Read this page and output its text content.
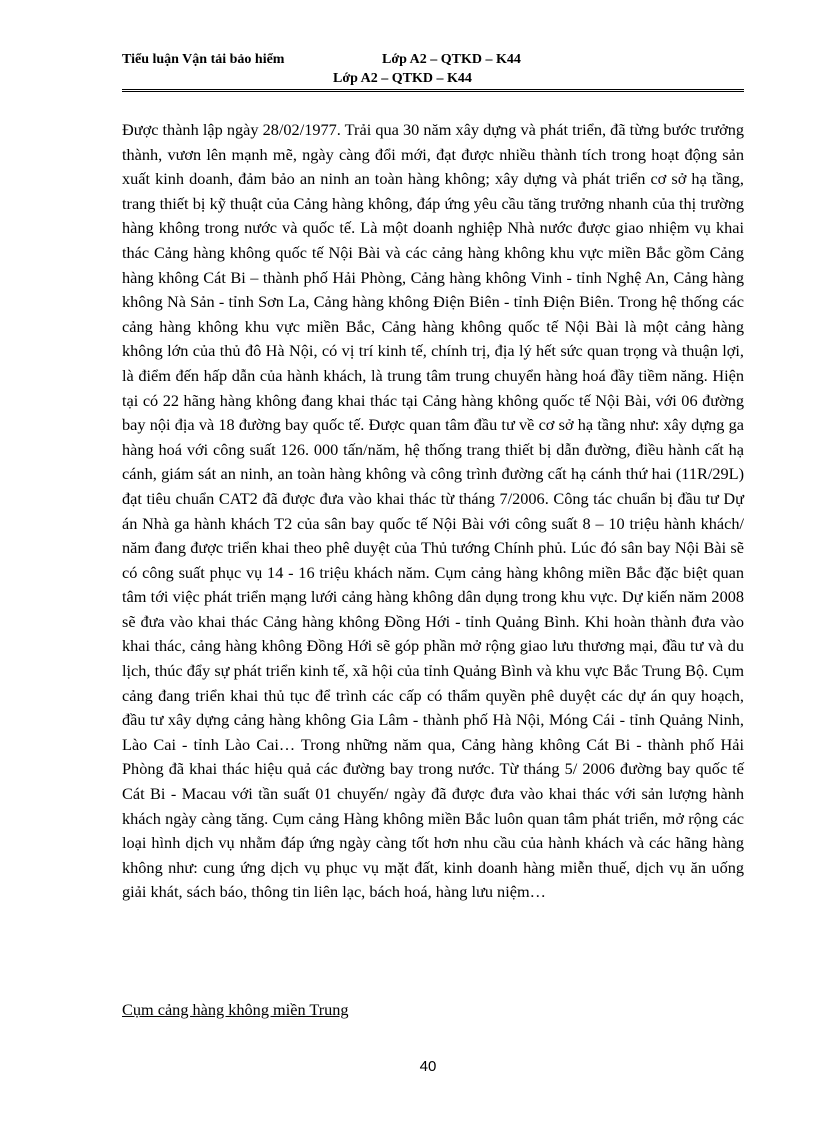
Tiểu luận Vận tải bảo hiểm	Lớp A2 – QTKD – K44
Lớp A2 – QTKD – K44

Được thành lập ngày 28/02/1977. Trải qua 30 năm xây dựng và phát triển, đã từng bước trưởng thành, vươn lên mạnh mẽ, ngày càng đổi mới, đạt được nhiều thành tích trong hoạt động sản xuất kinh doanh, đảm bảo an ninh an toàn hàng không; xây dựng và phát triển cơ sở hạ tầng, trang thiết bị kỹ thuật của Cảng hàng không, đáp ứng yêu cầu tăng trưởng nhanh của thị trường hàng không trong nước và quốc tế. Là một doanh nghiệp Nhà nước được giao nhiệm vụ khai thác Cảng hàng không quốc tế Nội Bài và các cảng hàng không khu vực miền Bắc gồm Cảng hàng không Cát Bi – thành phố Hải Phòng, Cảng hàng không Vinh - tỉnh Nghệ An, Cảng hàng không Nà Sản - tỉnh Sơn La, Cảng hàng không Điện Biên - tỉnh Điện Biên. Trong hệ thống các cảng hàng không khu vực miền Bắc, Cảng hàng không quốc tế Nội Bài là một cảng hàng không lớn của thủ đô Hà Nội, có vị trí kinh tế, chính trị, địa lý hết sức quan trọng và thuận lợi, là điểm đến hấp dẫn của hành khách, là trung tâm trung chuyển hàng hoá đầy tiềm năng. Hiện tại có 22 hãng hàng không đang khai thác tại Cảng hàng không quốc tế Nội Bài, với 06 đường bay nội địa và 18 đường bay quốc tế. Được quan tâm đầu tư về cơ sở hạ tầng như: xây dựng ga hàng hoá với công suất 126. 000 tấn/năm, hệ thống trang thiết bị dẫn đường, điều hành cất hạ cánh, giám sát an ninh, an toàn hàng không và công trình đường cất hạ cánh thứ hai (11R/29L) đạt tiêu chuẩn CAT2 đã được đưa vào khai thác từ tháng 7/2006. Công tác chuẩn bị đầu tư Dự án Nhà ga hành khách T2 của sân bay quốc tế Nội Bài với công suất 8 – 10 triệu hành khách/ năm đang được triển khai theo phê duyệt của Thủ tướng Chính phủ. Lúc đó sân bay Nội Bài sẽ có công suất phục vụ 14 - 16 triệu khách năm. Cụm cảng hàng không miền Bắc đặc biệt quan tâm tới việc phát triển mạng lưới cảng hàng không dân dụng trong khu vực. Dự kiến năm 2008 sẽ đưa vào khai thác Cảng hàng không Đồng Hới - tỉnh Quảng Bình. Khi hoàn thành đưa vào khai thác, cảng hàng không Đồng Hới sẽ góp phần mở rộng giao lưu thương mại, đầu tư và du lịch, thúc đẩy sự phát triển kinh tế, xã hội của tỉnh Quảng Bình và khu vực Bắc Trung Bộ. Cụm cảng đang triển khai thủ tục để trình các cấp có thẩm quyền phê duyệt các dự án quy hoạch, đầu tư xây dựng cảng hàng không Gia Lâm - thành phố Hà Nội, Móng Cái - tỉnh Quảng Ninh, Lào Cai - tỉnh Lào Cai… Trong những năm qua, Cảng hàng không Cát Bi - thành phố Hải Phòng đã khai thác hiệu quả các đường bay trong nước. Từ tháng 5/ 2006 đường bay quốc tế Cát Bi - Macau với tần suất 01 chuyến/ ngày đã được đưa vào khai thác với sản lượng hành khách ngày càng tăng. Cụm cảng Hàng không miền Bắc luôn quan tâm phát triển, mở rộng các loại hình dịch vụ nhằm đáp ứng ngày càng tốt hơn nhu cầu của hành khách và các hãng hàng không như: cung ứng dịch vụ phục vụ mặt đất, kinh doanh hàng miễn thuế, dịch vụ ăn uống giải khát, sách báo, thông tin liên lạc, bách hoá, hàng lưu niệm…

Cụm cảng hàng không miền Trung

40
